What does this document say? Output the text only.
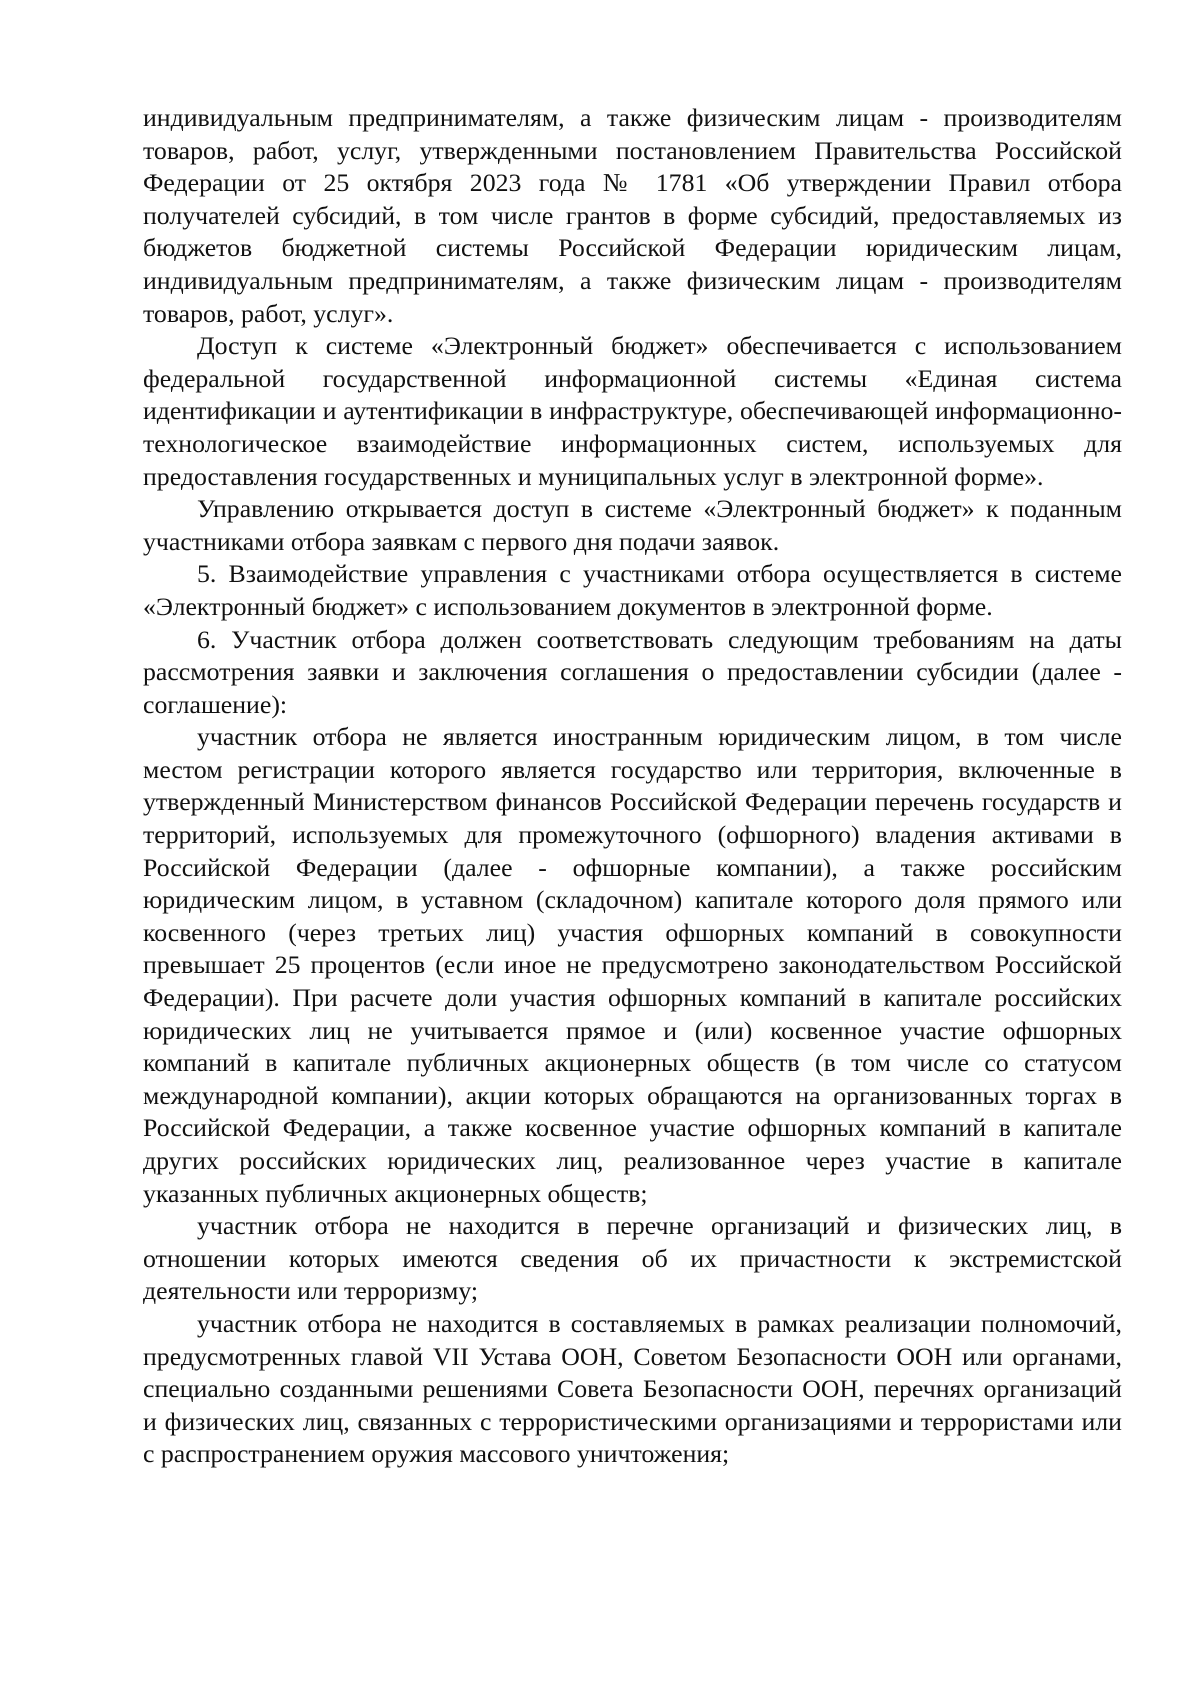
индивидуальным предпринимателям, а также физическим лицам - производителям товаров, работ, услуг, утвержденными постановлением Правительства Российской Федерации от 25 октября 2023 года № 1781 «Об утверждении Правил отбора получателей субсидий, в том числе грантов в форме субсидий, предоставляемых из бюджетов бюджетной системы Российской Федерации юридическим лицам, индивидуальным предпринимателям, а также физическим лицам - производителям товаров, работ, услуг».

Доступ к системе «Электронный бюджет» обеспечивается с использованием федеральной государственной информационной системы «Единая система идентификации и аутентификации в инфраструктуре, обеспечивающей информационно-технологическое взаимодействие информационных систем, используемых для предоставления государственных и муниципальных услуг в электронной форме».

Управлению открывается доступ в системе «Электронный бюджет» к поданным участниками отбора заявкам с первого дня подачи заявок.

5. Взаимодействие управления с участниками отбора осуществляется в системе «Электронный бюджет» с использованием документов в электронной форме.

6. Участник отбора должен соответствовать следующим требованиям на даты рассмотрения заявки и заключения соглашения о предоставлении субсидии (далее - соглашение):

участник отбора не является иностранным юридическим лицом, в том числе местом регистрации которого является государство или территория, включенные в утвержденный Министерством финансов Российской Федерации перечень государств и территорий, используемых для промежуточного (офшорного) владения активами в Российской Федерации (далее - офшорные компании), а также российским юридическим лицом, в уставном (складочном) капитале которого доля прямого или косвенного (через третьих лиц) участия офшорных компаний в совокупности превышает 25 процентов (если иное не предусмотрено законодательством Российской Федерации). При расчете доли участия офшорных компаний в капитале российских юридических лиц не учитывается прямое и (или) косвенное участие офшорных компаний в капитале публичных акционерных обществ (в том числе со статусом международной компании), акции которых обращаются на организованных торгах в Российской Федерации, а также косвенное участие офшорных компаний в капитале других российских юридических лиц, реализованное через участие в капитале указанных публичных акционерных обществ;

участник отбора не находится в перечне организаций и физических лиц, в отношении которых имеются сведения об их причастности к экстремистской деятельности или терроризму;

участник отбора не находится в составляемых в рамках реализации полномочий, предусмотренных главой VII Устава ООН, Советом Безопасности ООН или органами, специально созданными решениями Совета Безопасности ООН, перечнях организаций и физических лиц, связанных с террористическими организациями и террористами или с распространением оружия массового уничтожения;
